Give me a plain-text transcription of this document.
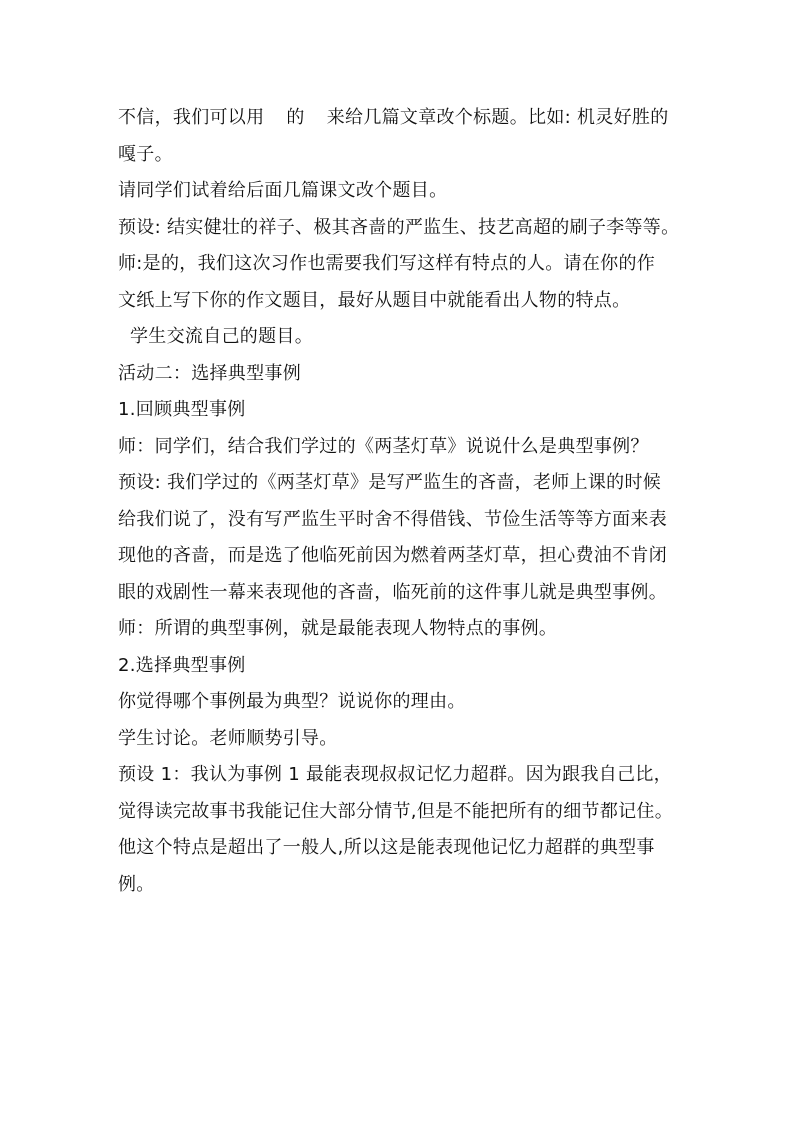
不信，我们可以用 的 来给几篇文章改个标题。比如: 机灵好胜的
嘎子。
请同学们试着给后面几篇课文改个题目。
预设: 结实健壮的祥子、极其吝啬的严监生、技艺高超的刷子李等等。
师:是的，我们这次习作也需要我们写这样有特点的人。请在你的作
文纸上写下你的作文题目，最好从题目中就能看出人物的特点。
学生交流自己的题目。
活动二：选择典型事例
1.回顾典型事例
师：同学们，结合我们学过的《两茎灯草》说说什么是典型事例？
预设: 我们学过的《两茎灯草》是写严监生的吝啬，老师上课的时候
给我们说了，没有写严监生平时舍不得借钱、节俭生活等等方面来表
现他的吝啬，而是选了他临死前因为燃着两茎灯草，担心费油不肯闭
眼的戏剧性一幕来表现他的吝啬，临死前的这件事儿就是典型事例。
师：所谓的典型事例，就是最能表现人物特点的事例。
2.选择典型事例
你觉得哪个事例最为典型？说说你的理由。
学生讨论。老师顺势引导。
预设 1：我认为事例 1 最能表现叔叔记忆力超群。因为跟我自己比，
觉得读完故事书我能记住大部分情节,但是不能把所有的细节都记住。
他这个特点是超出了一般人,所以这是能表现他记忆力超群的典型事
例。
